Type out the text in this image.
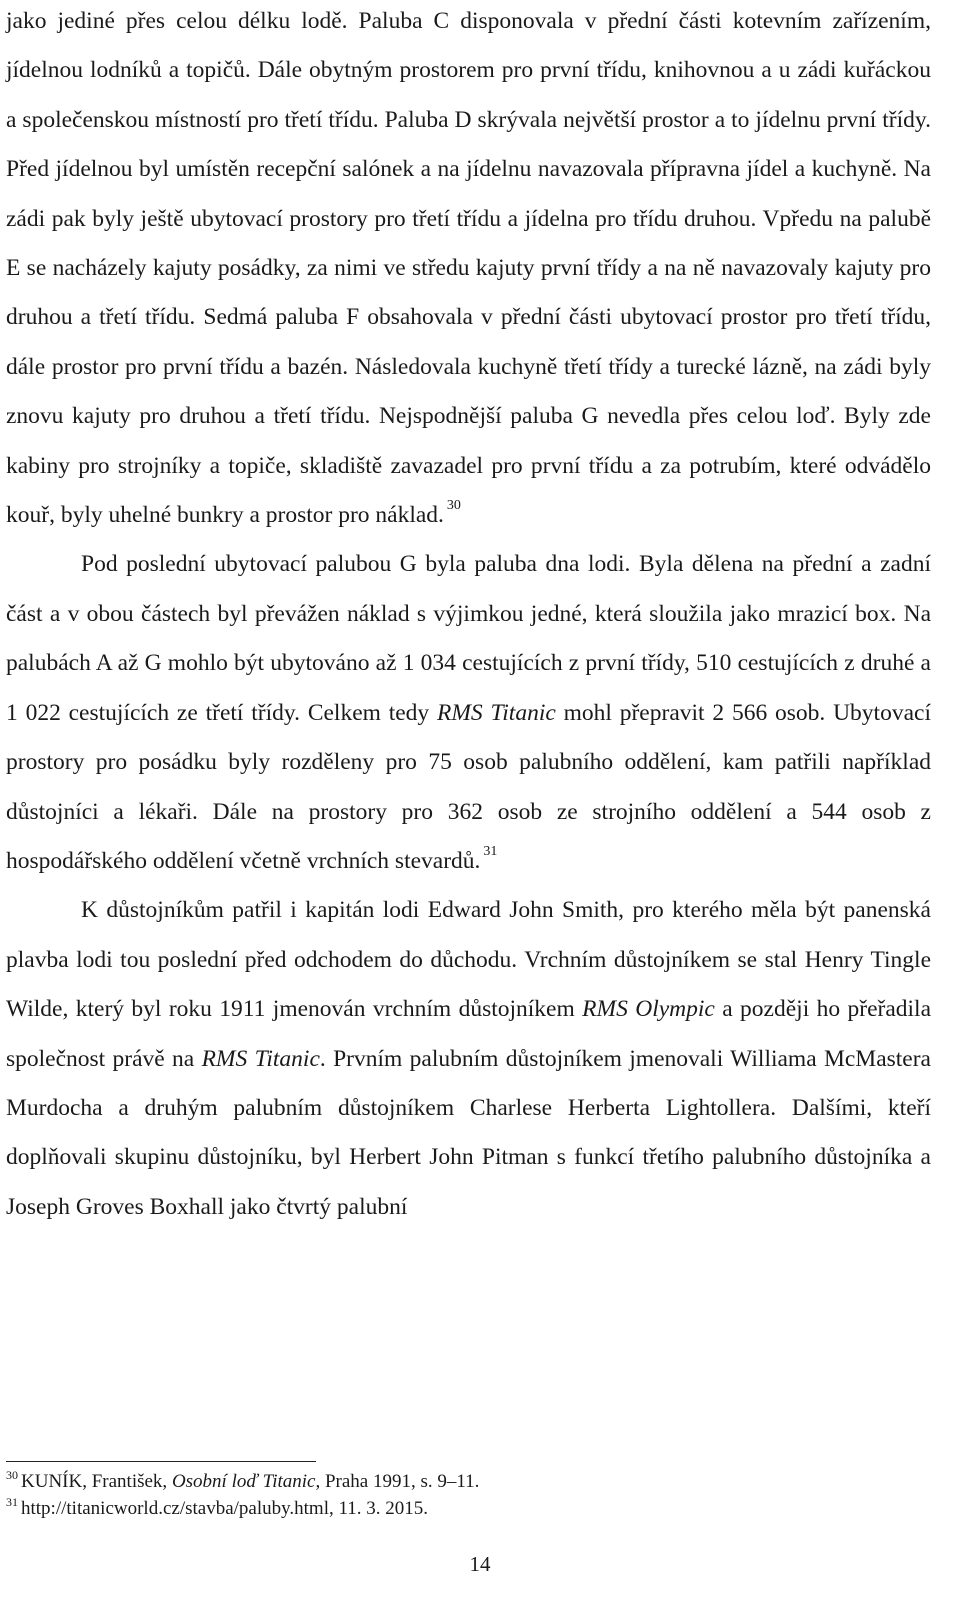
jako jediné přes celou délku lodě. Paluba C disponovala v přední části kotevním zařízením, jídelnou lodníků a topičů. Dále obytným prostorem pro první třídu, knihovnou a u zádi kuřáckou a společenskou místností pro třetí třídu. Paluba D skrývala největší prostor a to jídelnu první třídy. Před jídelnou byl umístěn recepční salónek a na jídelnu navazovala přípravna jídel a kuchyně. Na zádi pak byly ještě ubytovací prostory pro třetí třídu a jídelna pro třídu druhou. Vpředu na palubě E se nacházely kajuty posádky, za nimi ve středu kajuty první třídy a na ně navazovaly kajuty pro druhou a třetí třídu. Sedmá paluba F obsahovala v přední části ubytovací prostor pro třetí třídu, dále prostor pro první třídu a bazén. Následovala kuchyně třetí třídy a turecké lázně, na zádi byly znovu kajuty pro druhou a třetí třídu. Nejspodnější paluba G nevedla přes celou loď. Byly zde kabiny pro strojníky a topiče, skladiště zavazadel pro první třídu a za potrubím, které odvádělo kouř, byly uhelné bunkry a prostor pro náklad. $^{30}$

Pod poslední ubytovací palubou G byla paluba dna lodi. Byla dělena na přední a zadní část a v obou částech byl převážen náklad s výjimkou jedné, která sloužila jako mrazicí box. Na palubách A až G mohlo být ubytováno až 1 034 cestujících z první třídy, 510 cestujících z druhé a 1 022 cestujících ze třetí třídy. Celkem tedy RMS Titanic mohl přepravit 2 566 osob. Ubytovací prostory pro posádku byly rozděleny pro 75 osob palubního oddělení, kam patřili například důstojníci a lékaři. Dále na prostory pro 362 osob ze strojního oddělení a 544 osob z hospodářského oddělení včetně vrchních stevardů. $^{31}$

K důstojníkům patřil i kapitán lodi Edward John Smith, pro kterého měla být panenská plavba lodi tou poslední před odchodem do důchodu. Vrchním důstojníkem se stal Henry Tingle Wilde, který byl roku 1911 jmenován vrchním důstojníkem RMS Olympic a později ho přeřadila společnost právě na RMS Titanic. Prvním palubním důstojníkem jmenovali Williama McMastera Murdocha a druhým palubním důstojníkem Charlese Herberta Lightollera. Dalšími, kteří doplňovali skupinu důstojníku, byl Herbert John Pitman s funkcí třetího palubního důstojníka a Joseph Groves Boxhall jako čtvrtý palubní

$^{30}$ KUNÍK, František, Osobní loď Titanic, Praha 1991, s. 9–11.

$^{31}$ http://titanicworld.cz/stavba/paluby.html, 11. 3. 2015.

14
